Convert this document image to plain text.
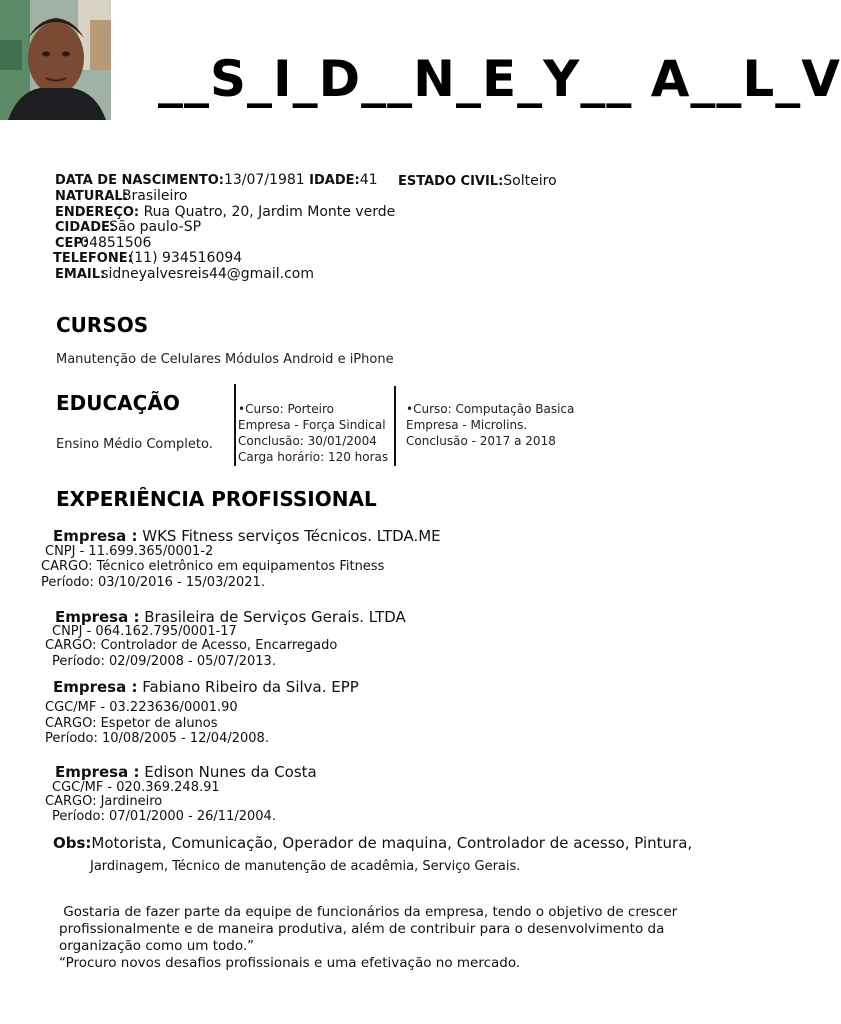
__S_I_D__N_E_Y__ A__L_V
DATA DE NASCIMENTO:13/07/1981 IDADE:41 ESTADO CIVIL:Solteiro
NATURAL:Brasileiro
ENDEREÇO: Rua Quatro, 20, Jardim Monte verde
CIDADE:São paulo-SP
CEP:04851506
TELEFONE:(11) 934516094
EMAIL:sidneyalvesreis44@gmail.com
CURSOS
Manutenção de Celulares Módulos Android e iPhone
EDUCAÇÃO
Ensino Médio Completo.
•Curso: Porteiro
Empresa - Força Sindical
Conclusão: 30/01/2004
Carga horário: 120 horas
•Curso: Computação Basica
Empresa - Microlins.
Conclusão - 2017 a 2018
EXPERIÊNCIA PROFISSIONAL
Empresa : WKS Fitness serviços Técnicos. LTDA.ME
CNPJ - 11.699.365/0001-2
CARGO: Técnico eletrônico em equipamentos Fitness
Período: 03/10/2016 - 15/03/2021.
Empresa : Brasileira de Serviços Gerais. LTDA
CNPJ - 064.162.795/0001-17
CARGO: Controlador de Acesso, Encarregado
Período: 02/09/2008 - 05/07/2013.
Empresa : Fabiano Ribeiro da Silva. EPP
CGC/MF - 03.223636/0001.90
CARGO: Espetor de alunos
Período: 10/08/2005 - 12/04/2008.
Empresa : Edison Nunes da Costa
CGC/MF - 020.369.248.91
CARGO: Jardineiro
Período: 07/01/2000 - 26/11/2004.
Obs:Motorista, Comunicação, Operador de maquina, Controlador de acesso, Pintura,
Jardinagem, Técnico de manutenção de acadêmia, Serviço Gerais.
Gostaria de fazer parte da equipe de funcionários da empresa, tendo o objetivo de crescer
profissionalmente e de maneira produtiva, além de contribuir para o desenvolvimento da
organização como um todo.”
“Procuro novos desafios profissionais e uma efetivação no mercado.
